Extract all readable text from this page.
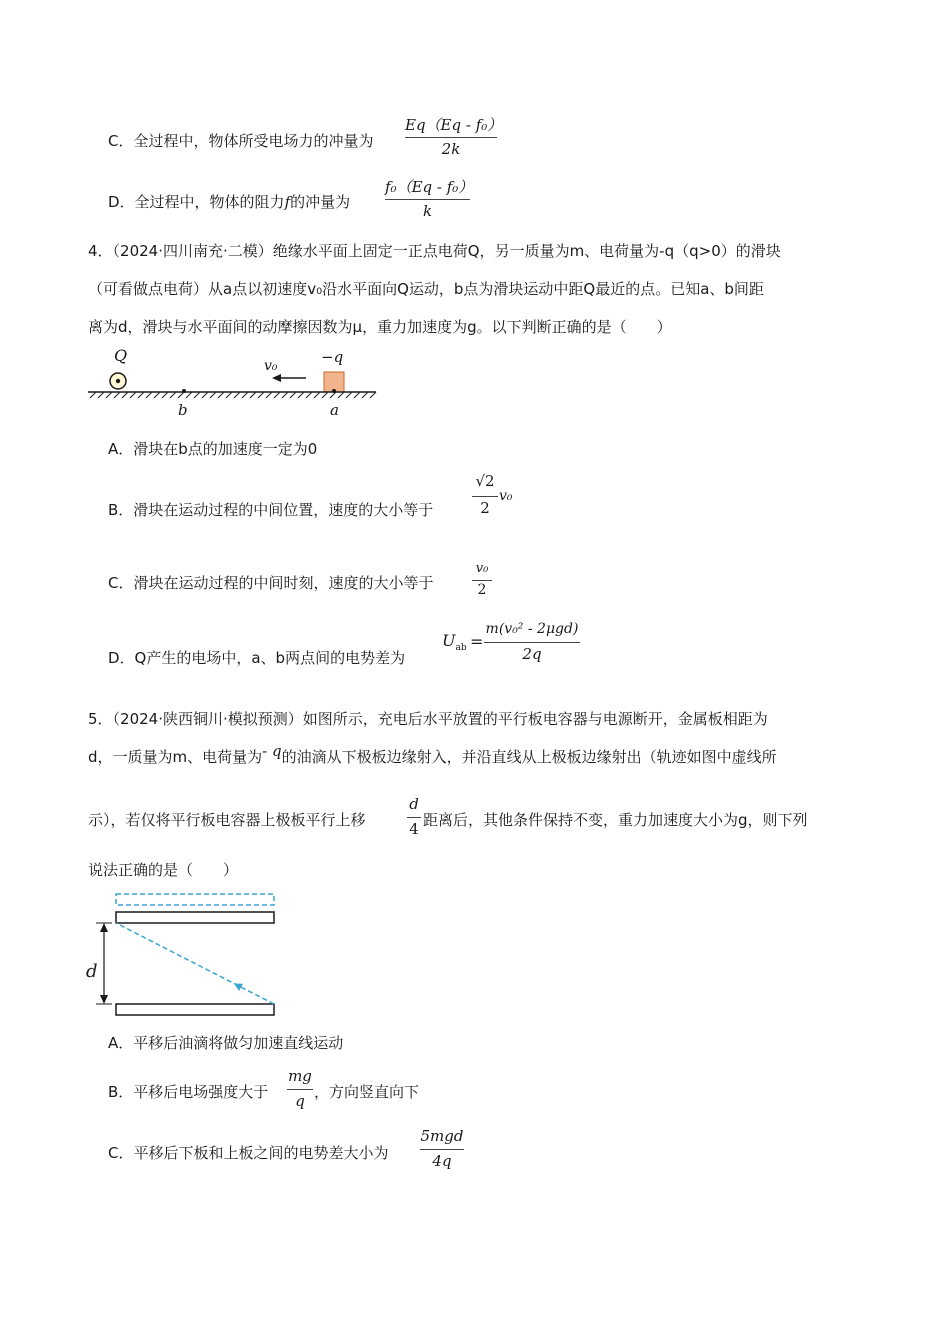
C．全过程中，物体所受电场力的冲量为
Eq（Eq - f₀）
2k
D．全过程中，物体的阻力f的冲量为
f₀（Eq - f₀）
k
4．（2024·四川南充·二模）绝缘水平面上固定一正点电荷Q，另一质量为m、电荷量为-q（q>0）的滑块
（可看做点电荷）从a点以初速度v₀沿水平面向Q运动，b点为滑块运动中距Q最近的点。已知a、b间距
离为d，滑块与水平面间的动摩擦因数为μ，重力加速度为g。以下判断正确的是（　　）
Q
v₀	−q
b	a
A．滑块在b点的加速度一定为0
B．滑块在运动过程的中间位置，速度的大小等于
√2
2
v₀
C．滑块在运动过程的中间时刻，速度的大小等于
v₀
2
D．Q产生的电场中，a、b两点间的电势差为
$U_{ab}$ =
m(v₀² - 2μgd)
2q
5．（2024·陕西铜川·模拟预测）如图所示，充电后水平放置的平行板电容器与电源断开，金属板相距为
d，一质量为m、电荷量为- q的油滴从下极板边缘射入，并沿直线从上极板边缘射出（轨迹如图中虚线所
示），若仅将平行板电容器上极板平行上移
d
4 距离后，其他条件保持不变，重力加速度大小为g，则下列
说法正确的是（　　）
d
A．平移后油滴将做匀加速直线运动
B．平移后电场强度大于
mg
q ，方向竖直向下
C．平移后下板和上板之间的电势差大小为
5mgd
4q
